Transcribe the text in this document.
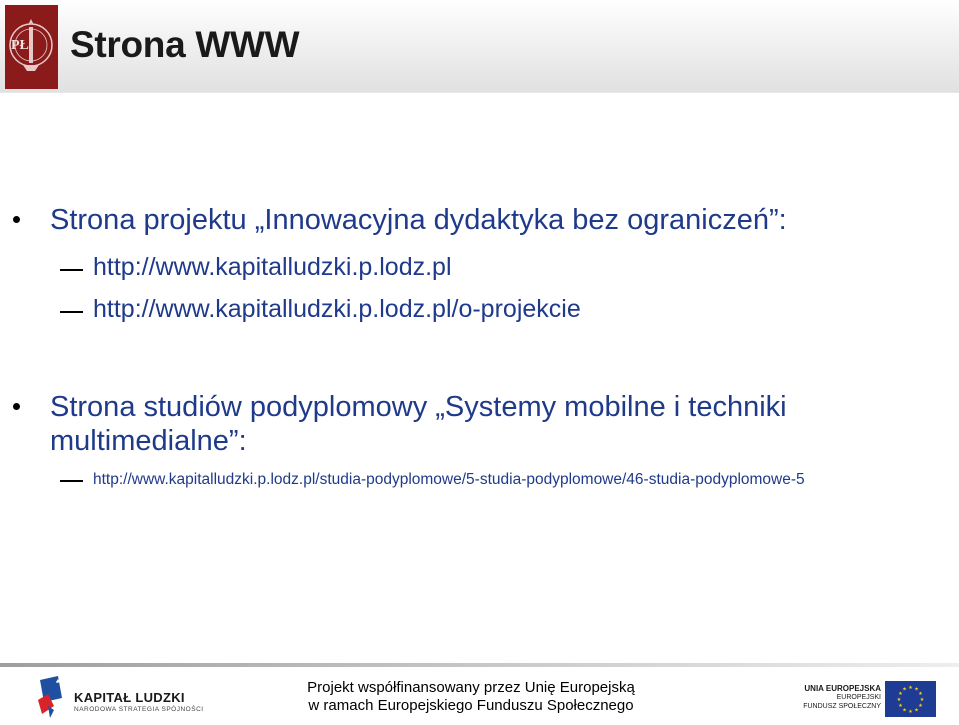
PŁ Strona WWW
Strona projektu „Innowacyjna dydaktyka bez ograniczeń”:
http://www.kapitalludzki.p.lodz.pl
http://www.kapitalludzki.p.lodz.pl/o-projekcie
Strona studiów podyplomowy „Systemy mobilne i techniki
multimedialne”:
http://www.kapitalludzki.p.lodz.pl/studia-podyplomowe/5-studia-podyplomowe/46-studia-podyplomowe-5
KAPITAŁ LUDZKI
NARODOWA STRATEGIA SPÓJNOŚCI
Projekt współfinansowany przez Unię Europejską
w ramach Europejskiego Funduszu Społecznego
UNIA EUROPEJSKA
EUROPEJSKI
FUNDUSZ SPOŁECZNY
★ ★
★
★
★
★
★
★
★
★
★
★
